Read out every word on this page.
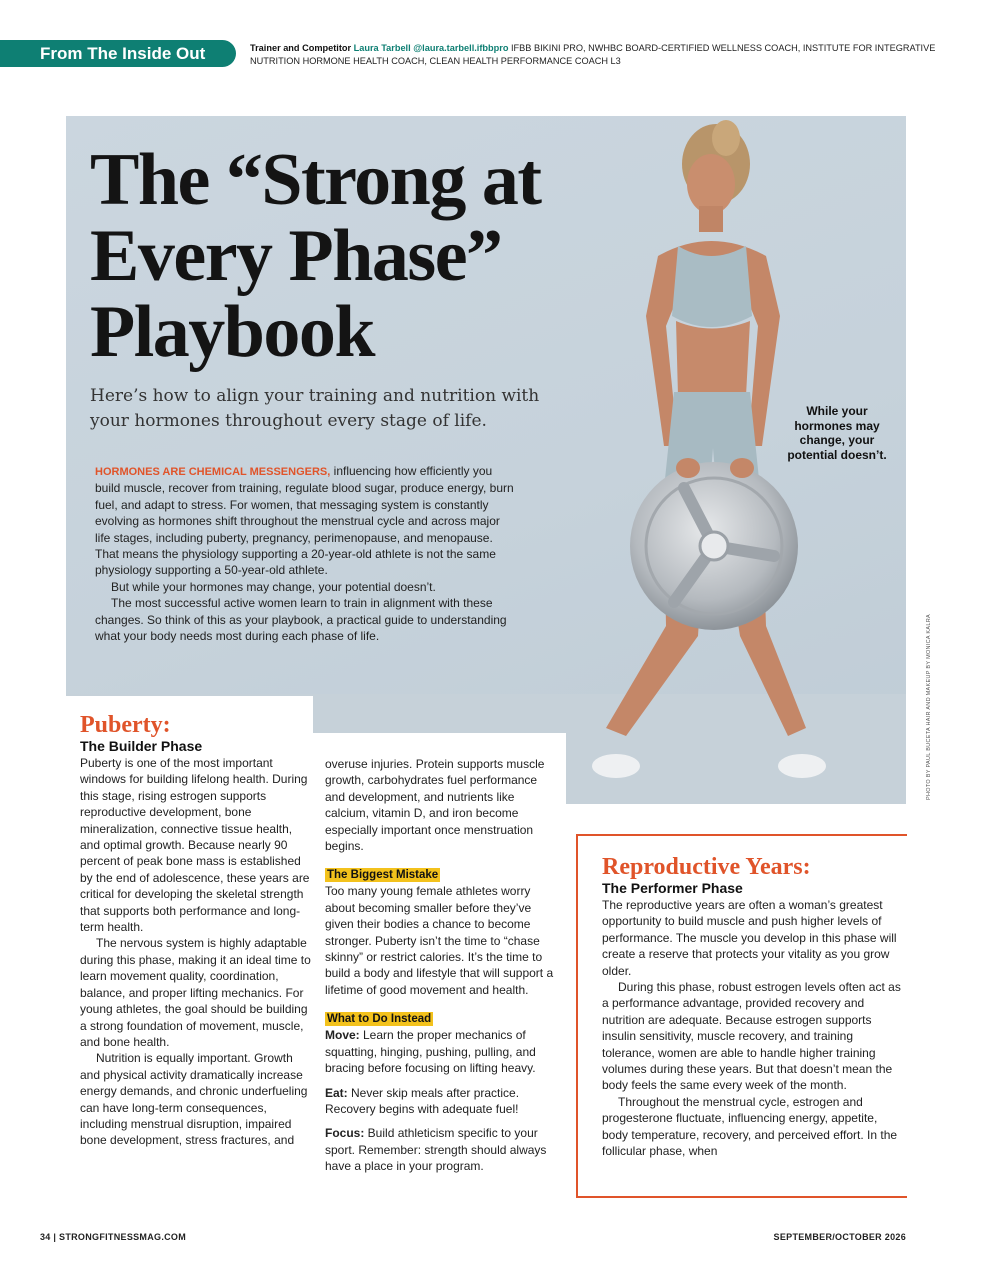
From The Inside Out	Trainer and Competitor Laura Tarbell @laura.tarbell.ifbbpro IFBB BIKINI PRO, NWHBC BOARD-CERTIFIED WELLNESS COACH, INSTITUTE FOR INTEGRATIVE NUTRITION HORMONE HEALTH COACH, CLEAN HEALTH PERFORMANCE COACH L3
The “Strong at
Every Phase”
Playbook

Here’s how to align your training and nutrition with your hormones throughout every stage of life.

HORMONES ARE CHEMICAL MESSENGERS, influencing how efficiently you build muscle, recover from training, regulate blood sugar, produce energy, burn fuel, and adapt to stress. For women, that messaging system is constantly evolving as hormones shift throughout the menstrual cycle and across major life stages, including puberty, pregnancy, perimenopause, and menopause. That means the physiology supporting a 20-year-old athlete is not the same physiology supporting a 50-year-old athlete.

But while your hormones may change, your potential doesn’t.

The most successful active women learn to train in alignment with these changes. So think of this as your playbook, a practical guide to understanding what your body needs most during each phase of life.

While your hormones may change, your potential doesn’t.
PHOTO BY PAUL BUCETA HAIR AND MAKEUP BY MONICA KALRA
Puberty:
The Builder Phase

Puberty is one of the most important windows for building lifelong health. During this stage, rising estrogen supports reproductive development, bone mineralization, connective tissue health, and optimal growth. Because nearly 90 percent of peak bone mass is established by the end of adolescence, these years are critical for developing the skeletal strength that supports both performance and long-term health.

The nervous system is highly adaptable during this phase, making it an ideal time to learn movement quality, coordination, balance, and proper lifting mechanics. For young athletes, the goal should be building a strong foundation of movement, muscle, and bone health.

Nutrition is equally important. Growth and physical activity dramatically increase energy demands, and chronic underfueling can have long-term consequences, including menstrual disruption, impaired bone development, stress fractures, and

overuse injuries. Protein supports muscle growth, carbohydrates fuel performance and development, and nutrients like calcium, vitamin D, and iron become especially important once menstruation begins.

The Biggest Mistake

Too many young female athletes worry about becoming smaller before they’ve given their bodies a chance to become stronger. Puberty isn’t the time to “chase skinny” or restrict calories. It’s the time to build a body and lifestyle that will support a lifetime of good movement and health.

What to Do Instead

Move: Learn the proper mechanics of squatting, hinging, pushing, pulling, and bracing before focusing on lifting heavy.

Eat: Never skip meals after practice. Recovery begins with adequate fuel!

Focus: Build athleticism specific to your sport. Remember: strength should always have a place in your program.

Reproductive Years:
The Performer Phase

The reproductive years are often a woman’s greatest opportunity to build muscle and push higher levels of performance. The muscle you develop in this phase will create a reserve that protects your vitality as you grow older.

During this phase, robust estrogen levels often act as a performance advantage, provided recovery and nutrition are adequate. Because estrogen supports insulin sensitivity, muscle recovery, and training tolerance, women are able to handle higher training volumes during these years. But that doesn’t mean the body feels the same every week of the month.

Throughout the menstrual cycle, estrogen and progesterone fluctuate, influencing energy, appetite, body temperature, recovery, and perceived effort. In the follicular phase, when

34 | STRONGFITNESSMAG.COM	SEPTEMBER/OCTOBER 2026
